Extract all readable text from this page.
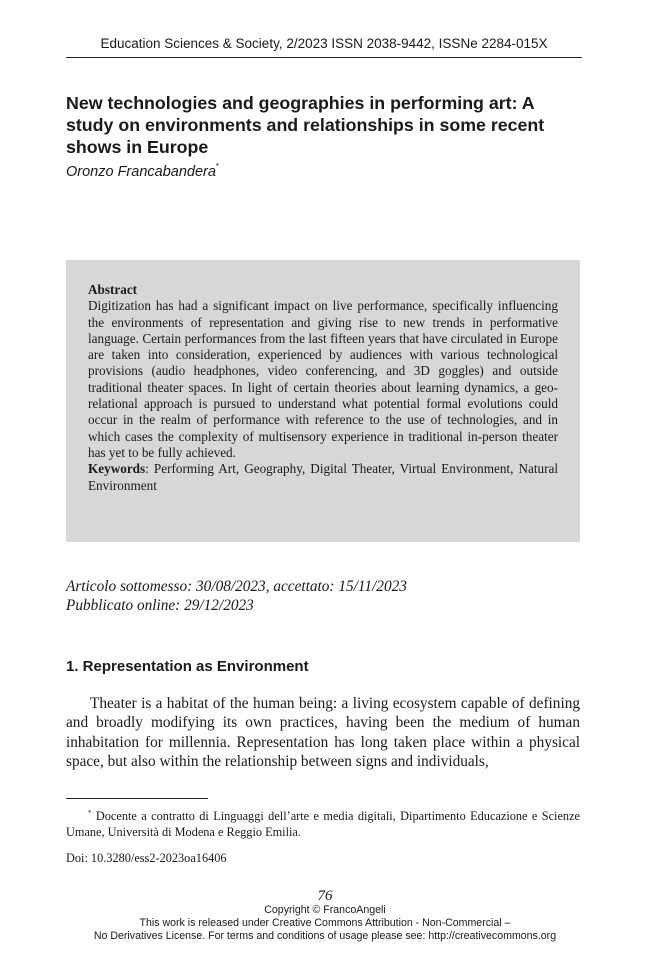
Education Sciences & Society, 2/2023 ISSN 2038-9442, ISSNe 2284-015X
New technologies and geographies in performing art: A study on environments and relationships in some recent shows in Europe
Oronzo Francabandera*
Abstract
Digitization has had a significant impact on live performance, specifically influencing the environments of representation and giving rise to new trends in performative language. Certain performances from the last fifteen years that have circulated in Europe are taken into consideration, experienced by audiences with various technological provisions (audio headphones, video conferencing, and 3D goggles) and outside traditional theater spaces. In light of certain theories about learning dynamics, a geo-relational approach is pursued to understand what potential formal evolutions could occur in the realm of performance with reference to the use of technologies, and in which cases the complexity of multisensory experience in traditional in-person theater has yet to be fully achieved.
Keywords: Performing Art, Geography, Digital Theater, Virtual Environment, Natural Environment
Articolo sottomesso: 30/08/2023, accettato: 15/11/2023
Pubblicato online: 29/12/2023
1. Representation as Environment

Theater is a habitat of the human being: a living ecosystem capable of defining and broadly modifying its own practices, having been the medium of human inhabitation for millennia. Representation has long taken place within a physical space, but also within the relationship between signs and individuals,

* Docente a contratto di Linguaggi dell’arte e media digitali, Dipartimento Educazione e Scienze Umane, Università di Modena e Reggio Emilia.

Doi: 10.3280/ess2-2023oa16406
76
Copyright © FrancoAngeli
This work is released under Creative Commons Attribution - Non-Commercial –
No Derivatives License. For terms and conditions of usage please see: http://creativecommons.org
